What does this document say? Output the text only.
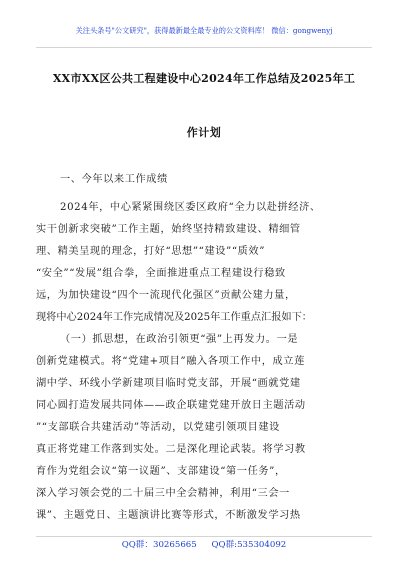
关注头条号"公文研究"，获得最新最全最专业的公文资料库！ 微信：gongwenyj
XX市XX区公共工程建设中心2024年工作总结及2025年工
作计划
一、今年以来工作成绩
2024年，中心紧紧围绕区委区政府“全力以赴拼经济、
实干创新求突破”工作主题，始终坚持精致建设、精细管
理、精美呈现的理念，打好“思想”“建设”“质效”
“安全”“发展”组合拳，全面推进重点工程建设行稳致
远，为加快建设“四个一流现代化强区”贡献公建力量，
现将中心2024年工作完成情况及2025年工作重点汇报如下：
（一）抓思想，在政治引领更“强”上再发力。一是
创新党建模式。将“党建+项目”融入各项工作中，成立莲
湖中学、环线小学新建项目临时党支部，开展“画就党建
同心圆打造发展共同体——政企联建党建开放日主题活动
”“支部联合共建活动”等活动，以党建引领项目建设
真正将党建工作落到实处。二是深化理论武装。将学习教
育作为党组会议“第一议题”、支部建设“第一任务”，
深入学习领会党的二十届三中全会精神，利用“三会一
课”、主题党日、主题演讲比赛等形式，不断激发学习热
QQ群：30265665 QQ群:535304092
